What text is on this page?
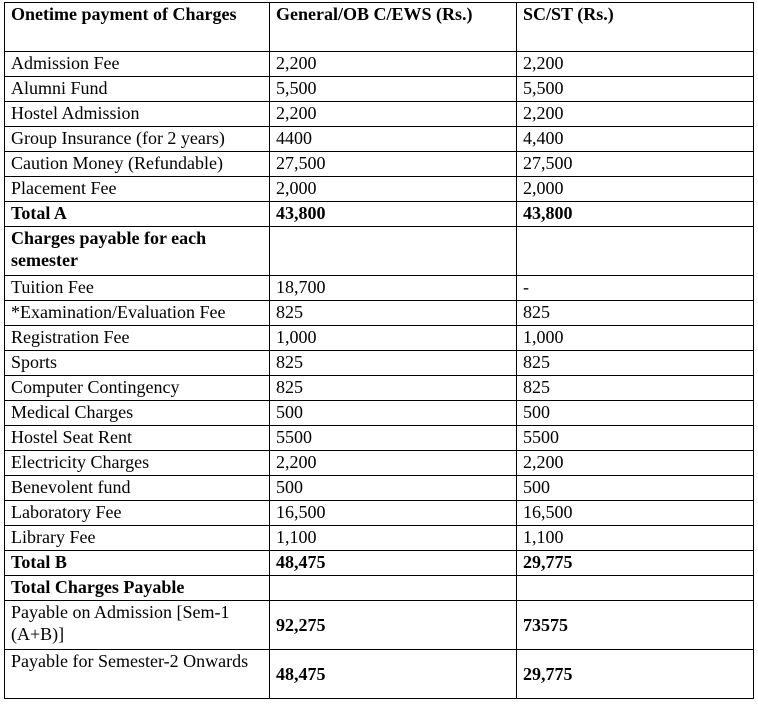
Onetime payment of Charges	General/OB C/EWS (Rs.)	SC/ST (Rs.)
Admission Fee	2,200	2,200
Alumni Fund	5,500	5,500
Hostel Admission	2,200	2,200
Group Insurance (for 2 years)	4400	4,400
Caution Money (Refundable)	27,500	27,500
Placement Fee	2,000	2,000
Total A	43,800	43,800
Charges payable for each semester		
Tuition Fee	18,700	-
*Examination/Evaluation Fee	825	825
Registration Fee	1,000	1,000
Sports	825	825
Computer Contingency	825	825
Medical Charges	500	500
Hostel Seat Rent	5500	5500
Electricity Charges	2,200	2,200
Benevolent fund	500	500
Laboratory Fee	16,500	16,500
Library Fee	1,100	1,100
Total B	48,475	29,775
Total Charges Payable		
Payable on Admission [Sem-1 (A+B)]	92,275	73575
Payable for Semester-2 Onwards	48,475	29,775
